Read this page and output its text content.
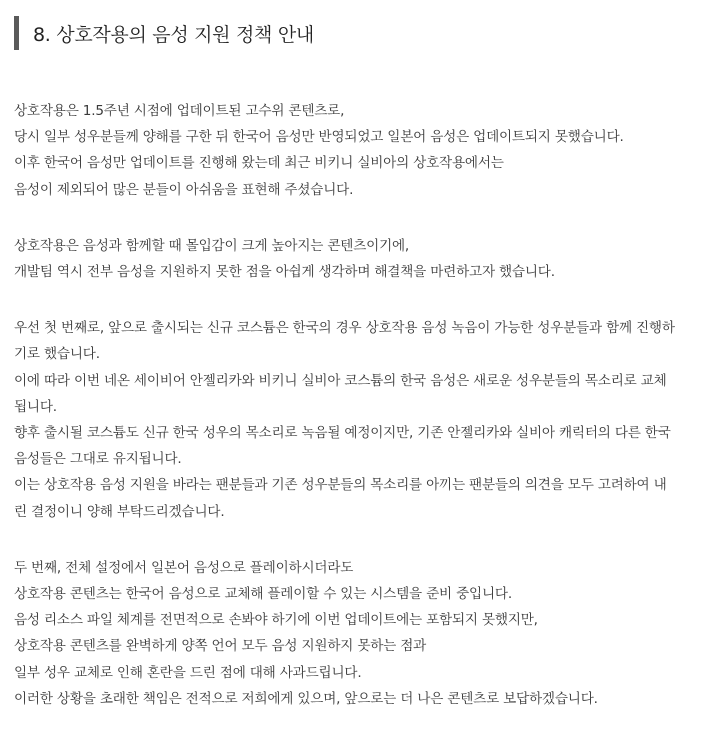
8. 상호작용의 음성 지원 정책 안내
상호작용은 1.5주년 시점에 업데이트된 고수위 콘텐츠로,
당시 일부 성우분들께 양해를 구한 뒤 한국어 음성만 반영되었고 일본어 음성은 업데이트되지 못했습니다.
이후 한국어 음성만 업데이트를 진행해 왔는데 최근 비키니 실비아의 상호작용에서는
음성이 제외되어 많은 분들이 아쉬움을 표현해 주셨습니다.
상호작용은 음성과 함께할 때 몰입감이 크게 높아지는 콘텐츠이기에,
개발팀 역시 전부 음성을 지원하지 못한 점을 아쉽게 생각하며 해결책을 마련하고자 했습니다.
우선 첫 번째로, 앞으로 출시되는 신규 코스튬은 한국의 경우 상호작용 음성 녹음이 가능한 성우분들과 함께 진행하
기로 했습니다.
이에 따라 이번 네온 세이비어 안젤리카와 비키니 실비아 코스튬의 한국 음성은 새로운 성우분들의 목소리로 교체
됩니다.
향후 출시될 코스튬도 신규 한국 성우의 목소리로 녹음될 예정이지만, 기존 안젤리카와 실비아 캐릭터의 다른 한국
음성들은 그대로 유지됩니다.
이는 상호작용 음성 지원을 바라는 팬분들과 기존 성우분들의 목소리를 아끼는 팬분들의 의견을 모두 고려하여 내
린 결정이니 양해 부탁드리겠습니다.
두 번째, 전체 설정에서 일본어 음성으로 플레이하시더라도
상호작용 콘텐츠는 한국어 음성으로 교체해 플레이할 수 있는 시스템을 준비 중입니다.
음성 리소스 파일 체계를 전면적으로 손봐야 하기에 이번 업데이트에는 포함되지 못했지만,
상호작용 콘텐츠를 완벽하게 양쪽 언어 모두 음성 지원하지 못하는 점과
일부 성우 교체로 인해 혼란을 드린 점에 대해 사과드립니다.
이러한 상황을 초래한 책임은 전적으로 저희에게 있으며, 앞으로는 더 나은 콘텐츠로 보답하겠습니다.
